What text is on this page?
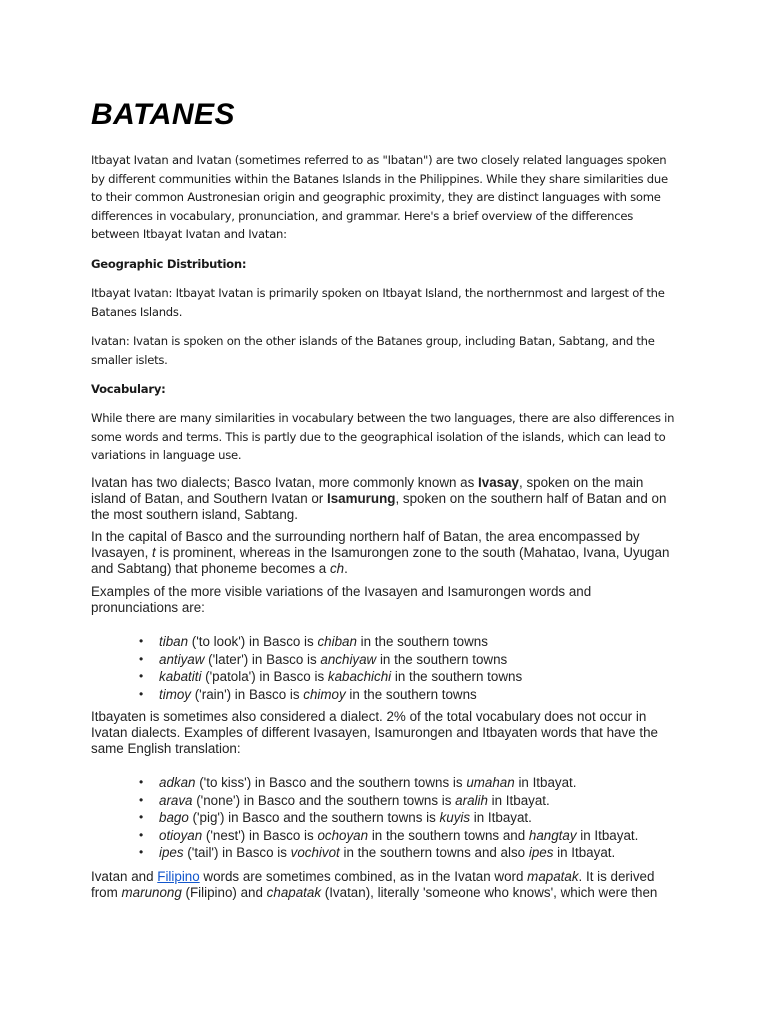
BATANES

Itbayat Ivatan and Ivatan (sometimes referred to as "Ibatan") are two closely related languages spoken by different communities within the Batanes Islands in the Philippines. While they share similarities due to their common Austronesian origin and geographic proximity, they are distinct languages with some differences in vocabulary, pronunciation, and grammar. Here's a brief overview of the differences between Itbayat Ivatan and Ivatan:

Geographic Distribution:

Itbayat Ivatan: Itbayat Ivatan is primarily spoken on Itbayat Island, the northernmost and largest of the Batanes Islands.

Ivatan: Ivatan is spoken on the other islands of the Batanes group, including Batan, Sabtang, and the smaller islets.

Vocabulary:

While there are many similarities in vocabulary between the two languages, there are also differences in some words and terms. This is partly due to the geographical isolation of the islands, which can lead to variations in language use.

Ivatan has two dialects; Basco Ivatan, more commonly known as Ivasay, spoken on the main island of Batan, and Southern Ivatan or Isamurung, spoken on the southern half of Batan and on the most southern island, Sabtang.

In the capital of Basco and the surrounding northern half of Batan, the area encompassed by Ivasayen, t is prominent, whereas in the Isamurongen zone to the south (Mahatao, Ivana, Uyugan and Sabtang) that phoneme becomes a ch.

Examples of the more visible variations of the Ivasayen and Isamurongen words and pronunciations are:

• tiban ('to look') in Basco is chiban in the southern towns
• antiyaw ('later') in Basco is anchiyaw in the southern towns
• kabatiti ('patola') in Basco is kabachichi in the southern towns
• timoy ('rain') in Basco is chimoy in the southern towns

Itbayaten is sometimes also considered a dialect. 2% of the total vocabulary does not occur in Ivatan dialects. Examples of different Ivasayen, Isamurongen and Itbayaten words that have the same English translation:

• adkan ('to kiss') in Basco and the southern towns is umahan in Itbayat.
• arava ('none') in Basco and the southern towns is aralih in Itbayat.
• bago ('pig') in Basco and the southern towns is kuyis in Itbayat.
• otioyan ('nest') in Basco is ochoyan in the southern towns and hangtay in Itbayat.
• ipes ('tail') in Basco is vochivot in the southern towns and also ipes in Itbayat.

Ivatan and Filipino words are sometimes combined, as in the Ivatan word mapatak. It is derived from marunong (Filipino) and chapatak (Ivatan), literally 'someone who knows', which were then
